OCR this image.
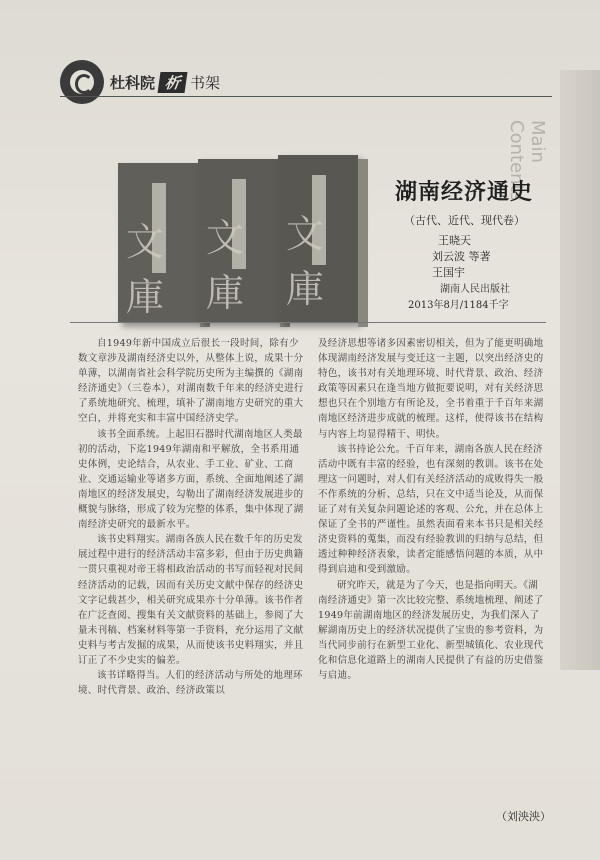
Main Contents
杜科院 析 书架
文庫
文庫
文庫
湖南经济通史
（古代、近代、现代卷）
王晓天
刘云波 等著
王国宇
湖南人民出版社
2013年8月/1184千字

自1949年新中国成立后很长一段时间，除有少数文章涉及湖南经济史以外，从整体上说，成果十分单薄，以湖南省社会科学院历史所为主编撰的《湖南经济通史》（三卷本），对湖南数千年来的经济史进行了系统地研究、梳理，填补了湖南地方史研究的重大空白，并将充实和丰富中国经济史学。

该书全面系统。上起旧石器时代湖南地区人类最初的活动，下迄1949年湖南和平解放，全书系用通史体例，史论结合，从农业、手工业、矿业、工商业、交通运输业等诸多方面，系统、全面地阐述了湖南地区的经济发展史，勾勒出了湖南经济发展进步的概貌与脉络，形成了较为完整的体系，集中体现了湖南经济史研究的最新水平。

该书史料翔实。湖南各族人民在数千年的历史发展过程中进行的经济活动丰富多彩，但由于历史典籍一贯只重视对帝王将相政治活动的书写而轻视对民间经济活动的记载，因而有关历史文献中保存的经济史文字记载甚少，相关研究成果亦十分单薄。该书作者在广泛查阅、搜集有关文献资料的基础上，参阅了大量未刊稿、档案材料等第一手资料，充分运用了文献史料与考古发掘的成果，从而使该书史料翔实，并且订正了不少史实的偏差。

该书详略得当。人们的经济活动与所处的地理环境、时代背景、政治、经济政策以

及经济思想等诸多因素密切相关，但为了能更明确地体现湖南经济发展与变迁这一主题，以突出经济史的特色，该书对有关地理环境、时代背景、政治、经济政策等因素只在逢当地方做扼要说明，对有关经济思想也只在个别地方有所论及，全书着重于千百年来湖南地区经济进步成就的梳理。这样，使得该书在结构与内容上均显得精干、明快。

该书持论公允。千百年来，湖南各族人民在经济活动中既有丰富的经验，也有深刻的教训。该书在处理这一问题时，对人们有关经济活动的成败得失一般不作系统的分析、总结，只在文中适当论及，从而保证了对有关复杂问题论述的客观、公允，并在总体上保证了全书的严谨性。虽然表面看来本书只是相关经济史资料的蒐集，而没有经验教训的归纳与总结，但透过种种经济表象，读者定能感悟问题的本质，从中得到启迪和受到激励。

研究昨天，就是为了今天，也是指向明天。《湖南经济通史》第一次比较完整、系统地梳理、阐述了1949年前湖南地区的经济发展历史，为我们深入了解湖南历史上的经济状况提供了宝贵的参考资料，为当代同步前行在新型工业化、新型城镇化、农业现代化和信息化道路上的湖南人民提供了有益的历史借鉴与启迪。

（刘泱泱）
